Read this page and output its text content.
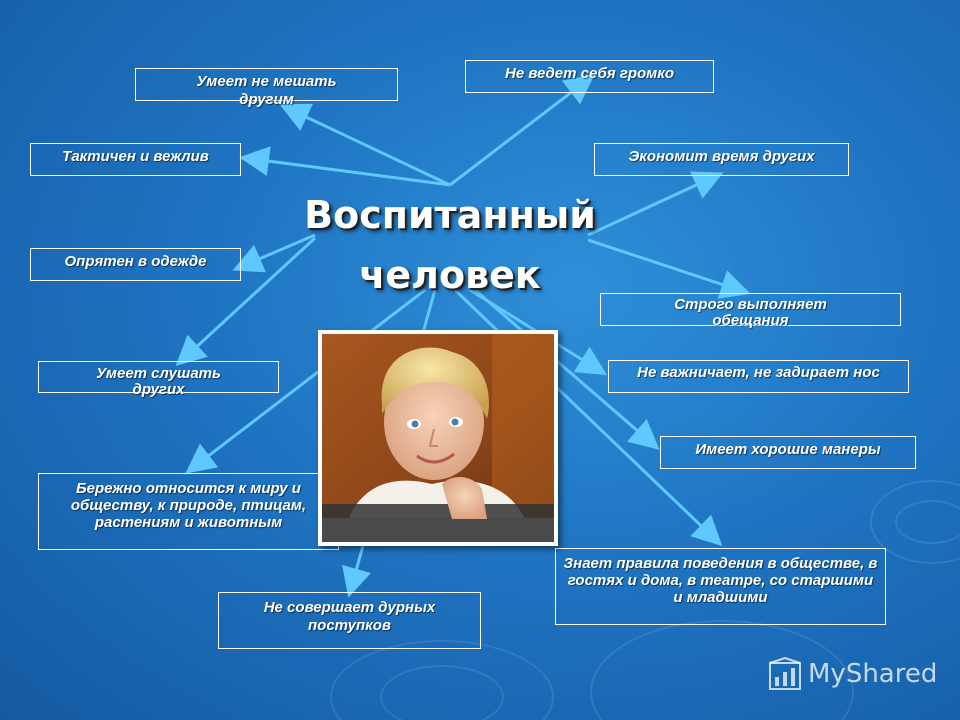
Умеет не мешать другим
Не ведет себя громко
Тактичен и вежлив	Экономит время других
Опрятен в одежде
Строго выполняет обещания
Умеет слушать других
Не важничает, не задирает нос
Имеет хорошие манеры
Бережно относится к миру и обществу, к природе, птицам, растениям и животным
Знает правила поведения в обществе, в гостях и дома, в театре, со старшими и младшими
Не совершает дурных поступков
Воспитанный
человек
MyShared
